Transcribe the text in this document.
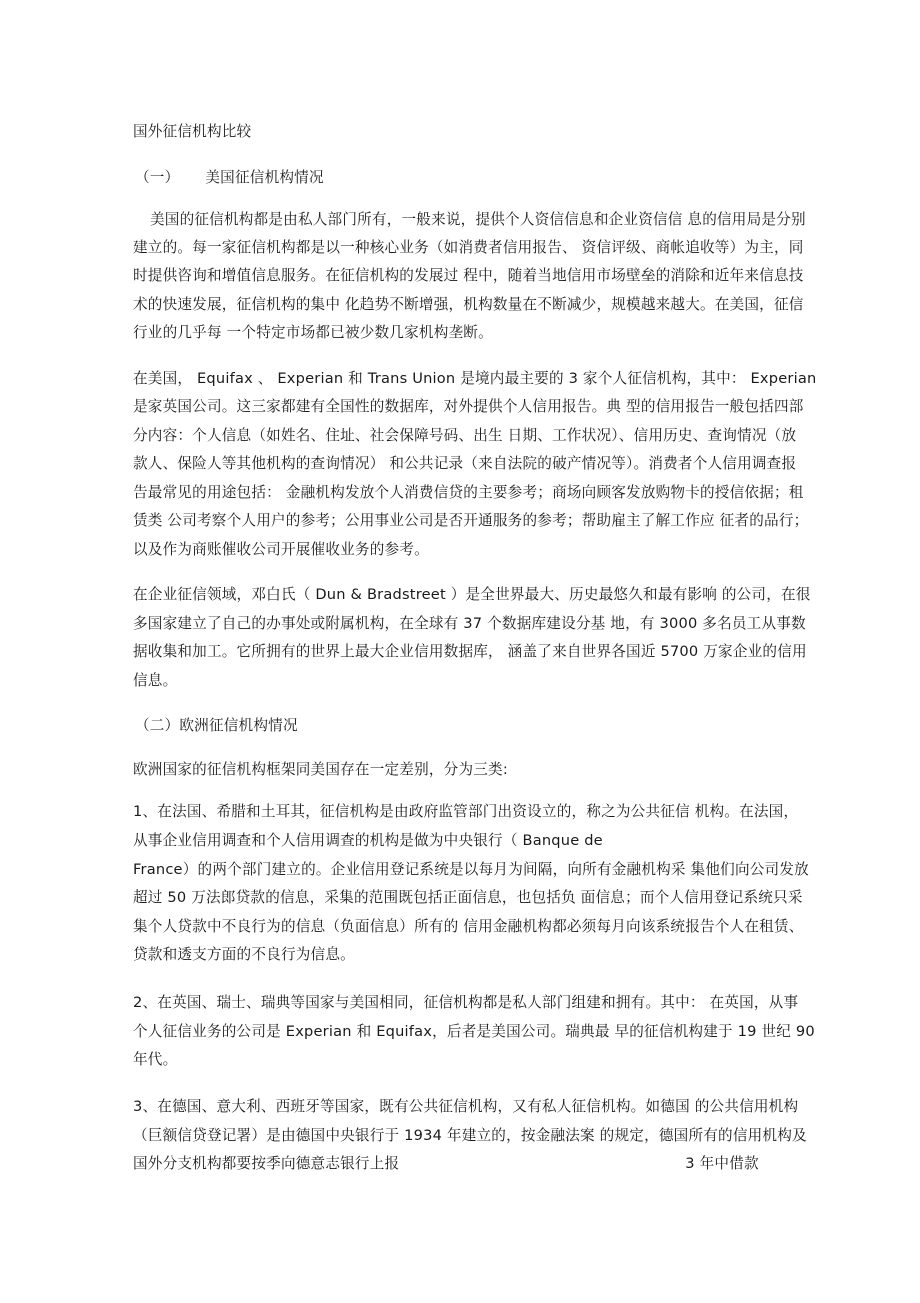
国外征信机构比较
（一） 美国征信机构情况
美国的征信机构都是由私人部门所有，一般来说，提供个人资信信息和企业资信信 息的信用局是分别
建立的。每一家征信机构都是以一种核心业务（如消费者信用报告、 资信评级、商帐追收等）为主，同
时提供咨询和增值信息服务。在征信机构的发展过 程中，随着当地信用市场壁垒的消除和近年来信息技
术的快速发展，征信机构的集中 化趋势不断增强，机构数量在不断减少，规模越来越大。在美国，征信
行业的几乎每 一个特定市场都已被少数几家机构垄断。
在美国， Equifax 、 Experian 和 Trans Union 是境内最主要的 3 家个人征信机构，其中： Experian
是家英国公司。这三家都建有全国性的数据库，对外提供个人信用报告。典 型的信用报告一般包括四部
分内容：个人信息（如姓名、住址、社会保障号码、出生 日期、工作状况）、信用历史、查询情况（放
款人、保险人等其他机构的查询情况） 和公共记录（来自法院的破产情况等）。消费者个人信用调查报
告最常见的用途包括： 金融机构发放个人消费信贷的主要参考；商场向顾客发放购物卡的授信依据；租
赁类 公司考察个人用户的参考；公用事业公司是否开通服务的参考；帮助雇主了解工作应 征者的品行；
以及作为商账催收公司开展催收业务的参考。
在企业征信领域，邓白氏（ Dun & Bradstreet ）是全世界最大、历史最悠久和最有影响 的公司，在很
多国家建立了自己的办事处或附属机构，在全球有 37 个数据库建设分基 地，有 3000 多名员工从事数
据收集和加工。它所拥有的世界上最大企业信用数据库， 涵盖了来自世界各国近 5700 万家企业的信用
信息。
（二）欧洲征信机构情况
欧洲国家的征信机构框架同美国存在一定差别，分为三类:
1、在法国、希腊和土耳其，征信机构是由政府监管部门出资设立的，称之为公共征信 机构。在法国，
从事企业信用调查和个人信用调查的机构是做为中央银行（ Banque de
France）的两个部门建立的。企业信用登记系统是以每月为间隔，向所有金融机构采 集他们向公司发放
超过 50 万法郎贷款的信息，采集的范围既包括正面信息，也包括负 面信息；而个人信用登记系统只采
集个人贷款中不良行为的信息（负面信息）所有的 信用金融机构都必须每月向该系统报告个人在租赁、
贷款和透支方面的不良行为信息。
2、在英国、瑞士、瑞典等国家与美国相同，征信机构都是私人部门组建和拥有。其中： 在英国，从事
个人征信业务的公司是 Experian 和 Equifax，后者是美国公司。瑞典最 早的征信机构建于 19 世纪 90
年代。
3、在德国、意大利、西班牙等国家，既有公共征信机构，又有私人征信机构。如德国 的公共信用机构
（巨额信贷登记署）是由德国中央银行于 1934 年建立的，按金融法案 的规定，德国所有的信用机构及
国外分支机构都要按季向德意志银行上报	3 年中借款
